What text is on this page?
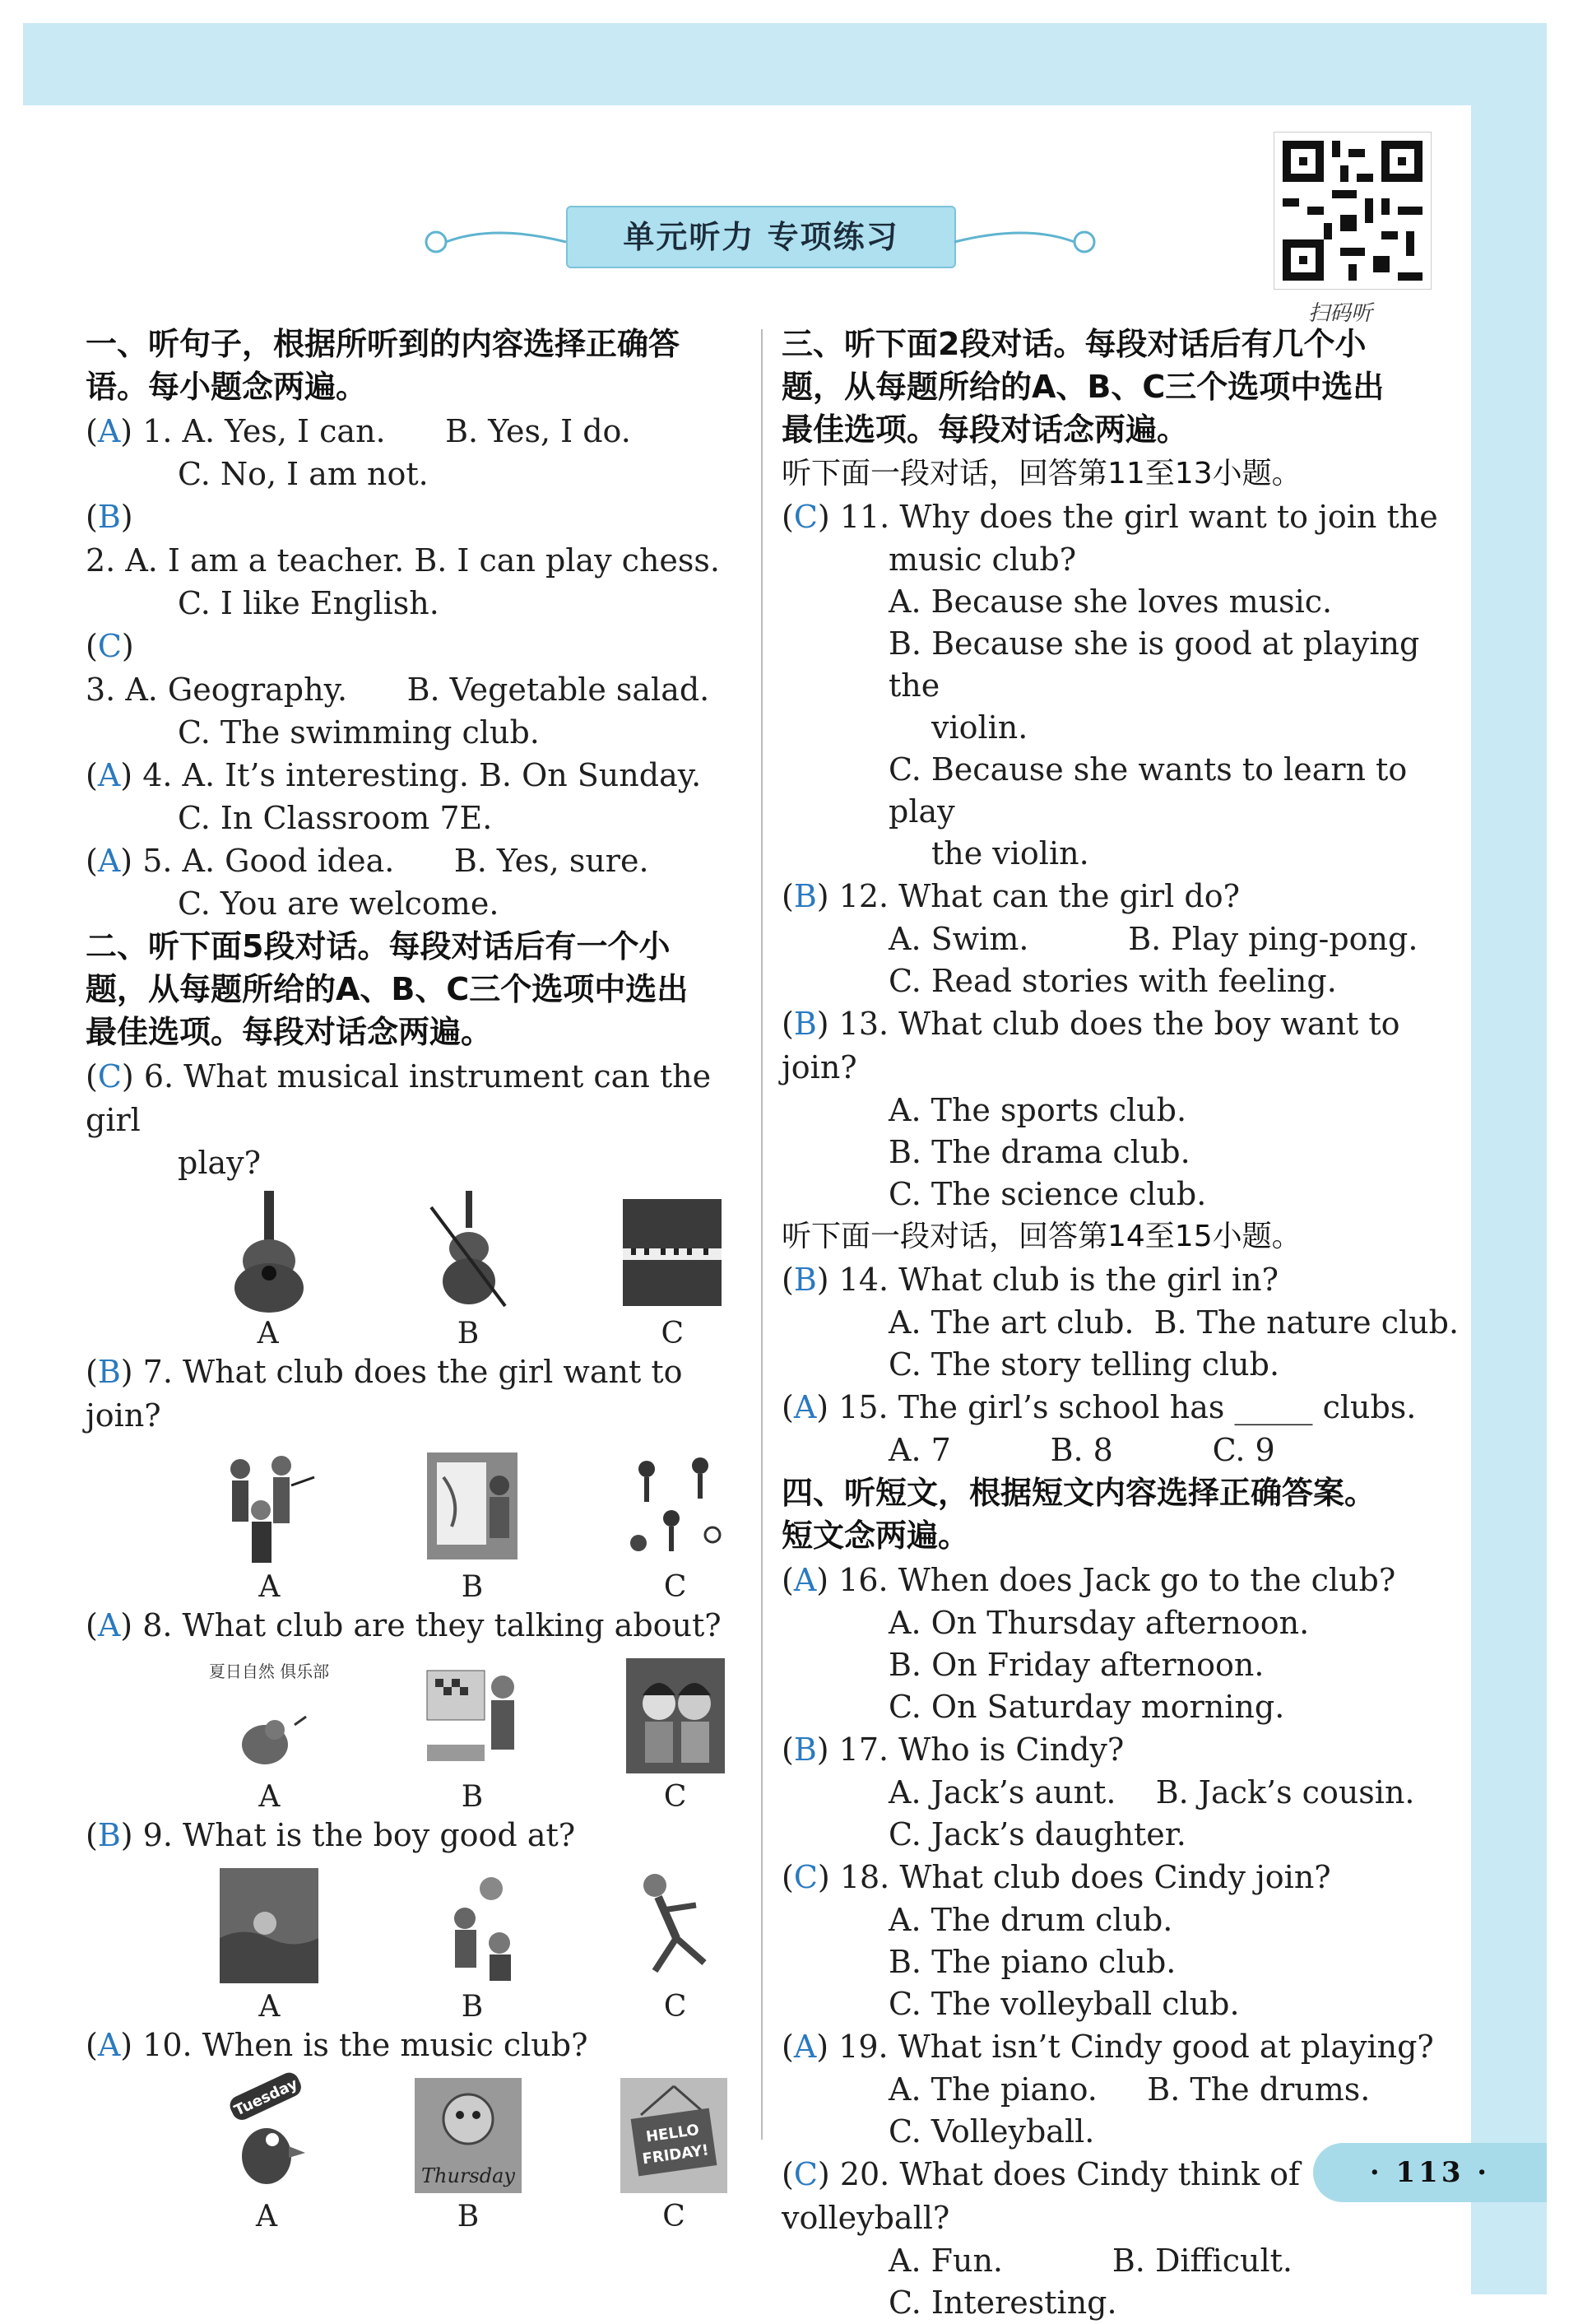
单元听力 专项练习
扫码听
一、听句子，根据所听到的内容选择正确答
语。每小题念两遍。
(A) 1. A. Yes, I can.      B. Yes, I do.
C. No, I am not.
(B) 2. A. I am a teacher. B. I can play chess.
C. I like English.
(C) 3. A. Geography.      B. Vegetable salad.
C. The swimming club.
(A) 4. A. It’s interesting. B. On Sunday.
C. In Classroom 7E.
(A) 5. A. Good idea.      B. Yes, sure.
C. You are welcome.
二、听下面5段对话。每段对话后有一个小
题，从每题所给的A、B、C三个选项中选出
最佳选项。每段对话念两遍。
(C) 6. What musical instrument can the girl
play?
A	B	C
(B) 7. What club does the girl want to join?
A	B	C
(A) 8. What club are they talking about?
夏日自然 俱乐部
A	B	C
(B) 9. What is the boy good at?
A	B	C
(A) 10. When is the music club?
Tuesday
A
Thursday
B
HELLO
FRIDAY!
C
三、听下面2段对话。每段对话后有几个小
题，从每题所给的A、B、C三个选项中选出
最佳选项。每段对话念两遍。
听下面一段对话，回答第11至13小题。
(C) 11. Why does the girl want to join the
music club?
A. Because she loves music.
B. Because she is good at playing the
violin.
C. Because she wants to learn to play
the violin.
(B) 12. What can the girl do?
A. Swim.          B. Play ping-pong.
C. Read stories with feeling.
(B) 13. What club does the boy want to join?
A. The sports club.
B. The drama club.
C. The science club.
听下面一段对话，回答第14至15小题。
(B) 14. What club is the girl in?
A. The art club.  B. The nature club.
C. The story telling club.
(A) 15. The girl’s school has _____ clubs.
A. 7          B. 8          C. 9
四、听短文，根据短文内容选择正确答案。
短文念两遍。
(A) 16. When does Jack go to the club?
A. On Thursday afternoon.
B. On Friday afternoon.
C. On Saturday morning.
(B) 17. Who is Cindy?
A. Jack’s aunt.    B. Jack’s cousin.
C. Jack’s daughter.
(C) 18. What club does Cindy join?
A. The drum club.
B. The piano club.
C. The volleyball club.
(A) 19. What isn’t Cindy good at playing?
A. The piano.     B. The drums.
C. Volleyball.
(C) 20. What does Cindy think of volleyball?
A. Fun.           B. Difficult.
C. Interesting.
· 113 ·
